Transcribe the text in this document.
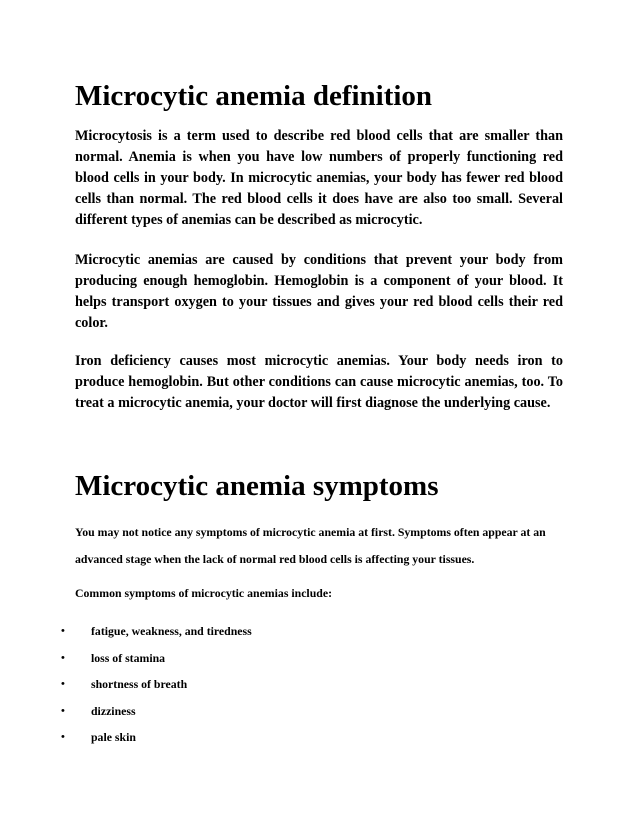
Microcytic anemia definition

Microcytosis is a term used to describe red blood cells that are smaller than normal. Anemia is when you have low numbers of properly functioning red blood cells in your body. In microcytic anemias, your body has fewer red blood cells than normal. The red blood cells it does have are also too small. Several different types of anemias can be described as microcytic.

Microcytic anemias are caused by conditions that prevent your body from producing enough hemoglobin. Hemoglobin is a component of your blood. It helps transport oxygen to your tissues and gives your red blood cells their red color.

Iron deficiency causes most microcytic anemias. Your body needs iron to produce hemoglobin. But other conditions can cause microcytic anemias, too. To treat a microcytic anemia, your doctor will first diagnose the underlying cause.

Microcytic anemia symptoms

You may not notice any symptoms of microcytic anemia at first. Symptoms often appear at an advanced stage when the lack of normal red blood cells is affecting your tissues.

Common symptoms of microcytic anemias include:

• fatigue, weakness, and tiredness
• loss of stamina
• shortness of breath
• dizziness
• pale skin
